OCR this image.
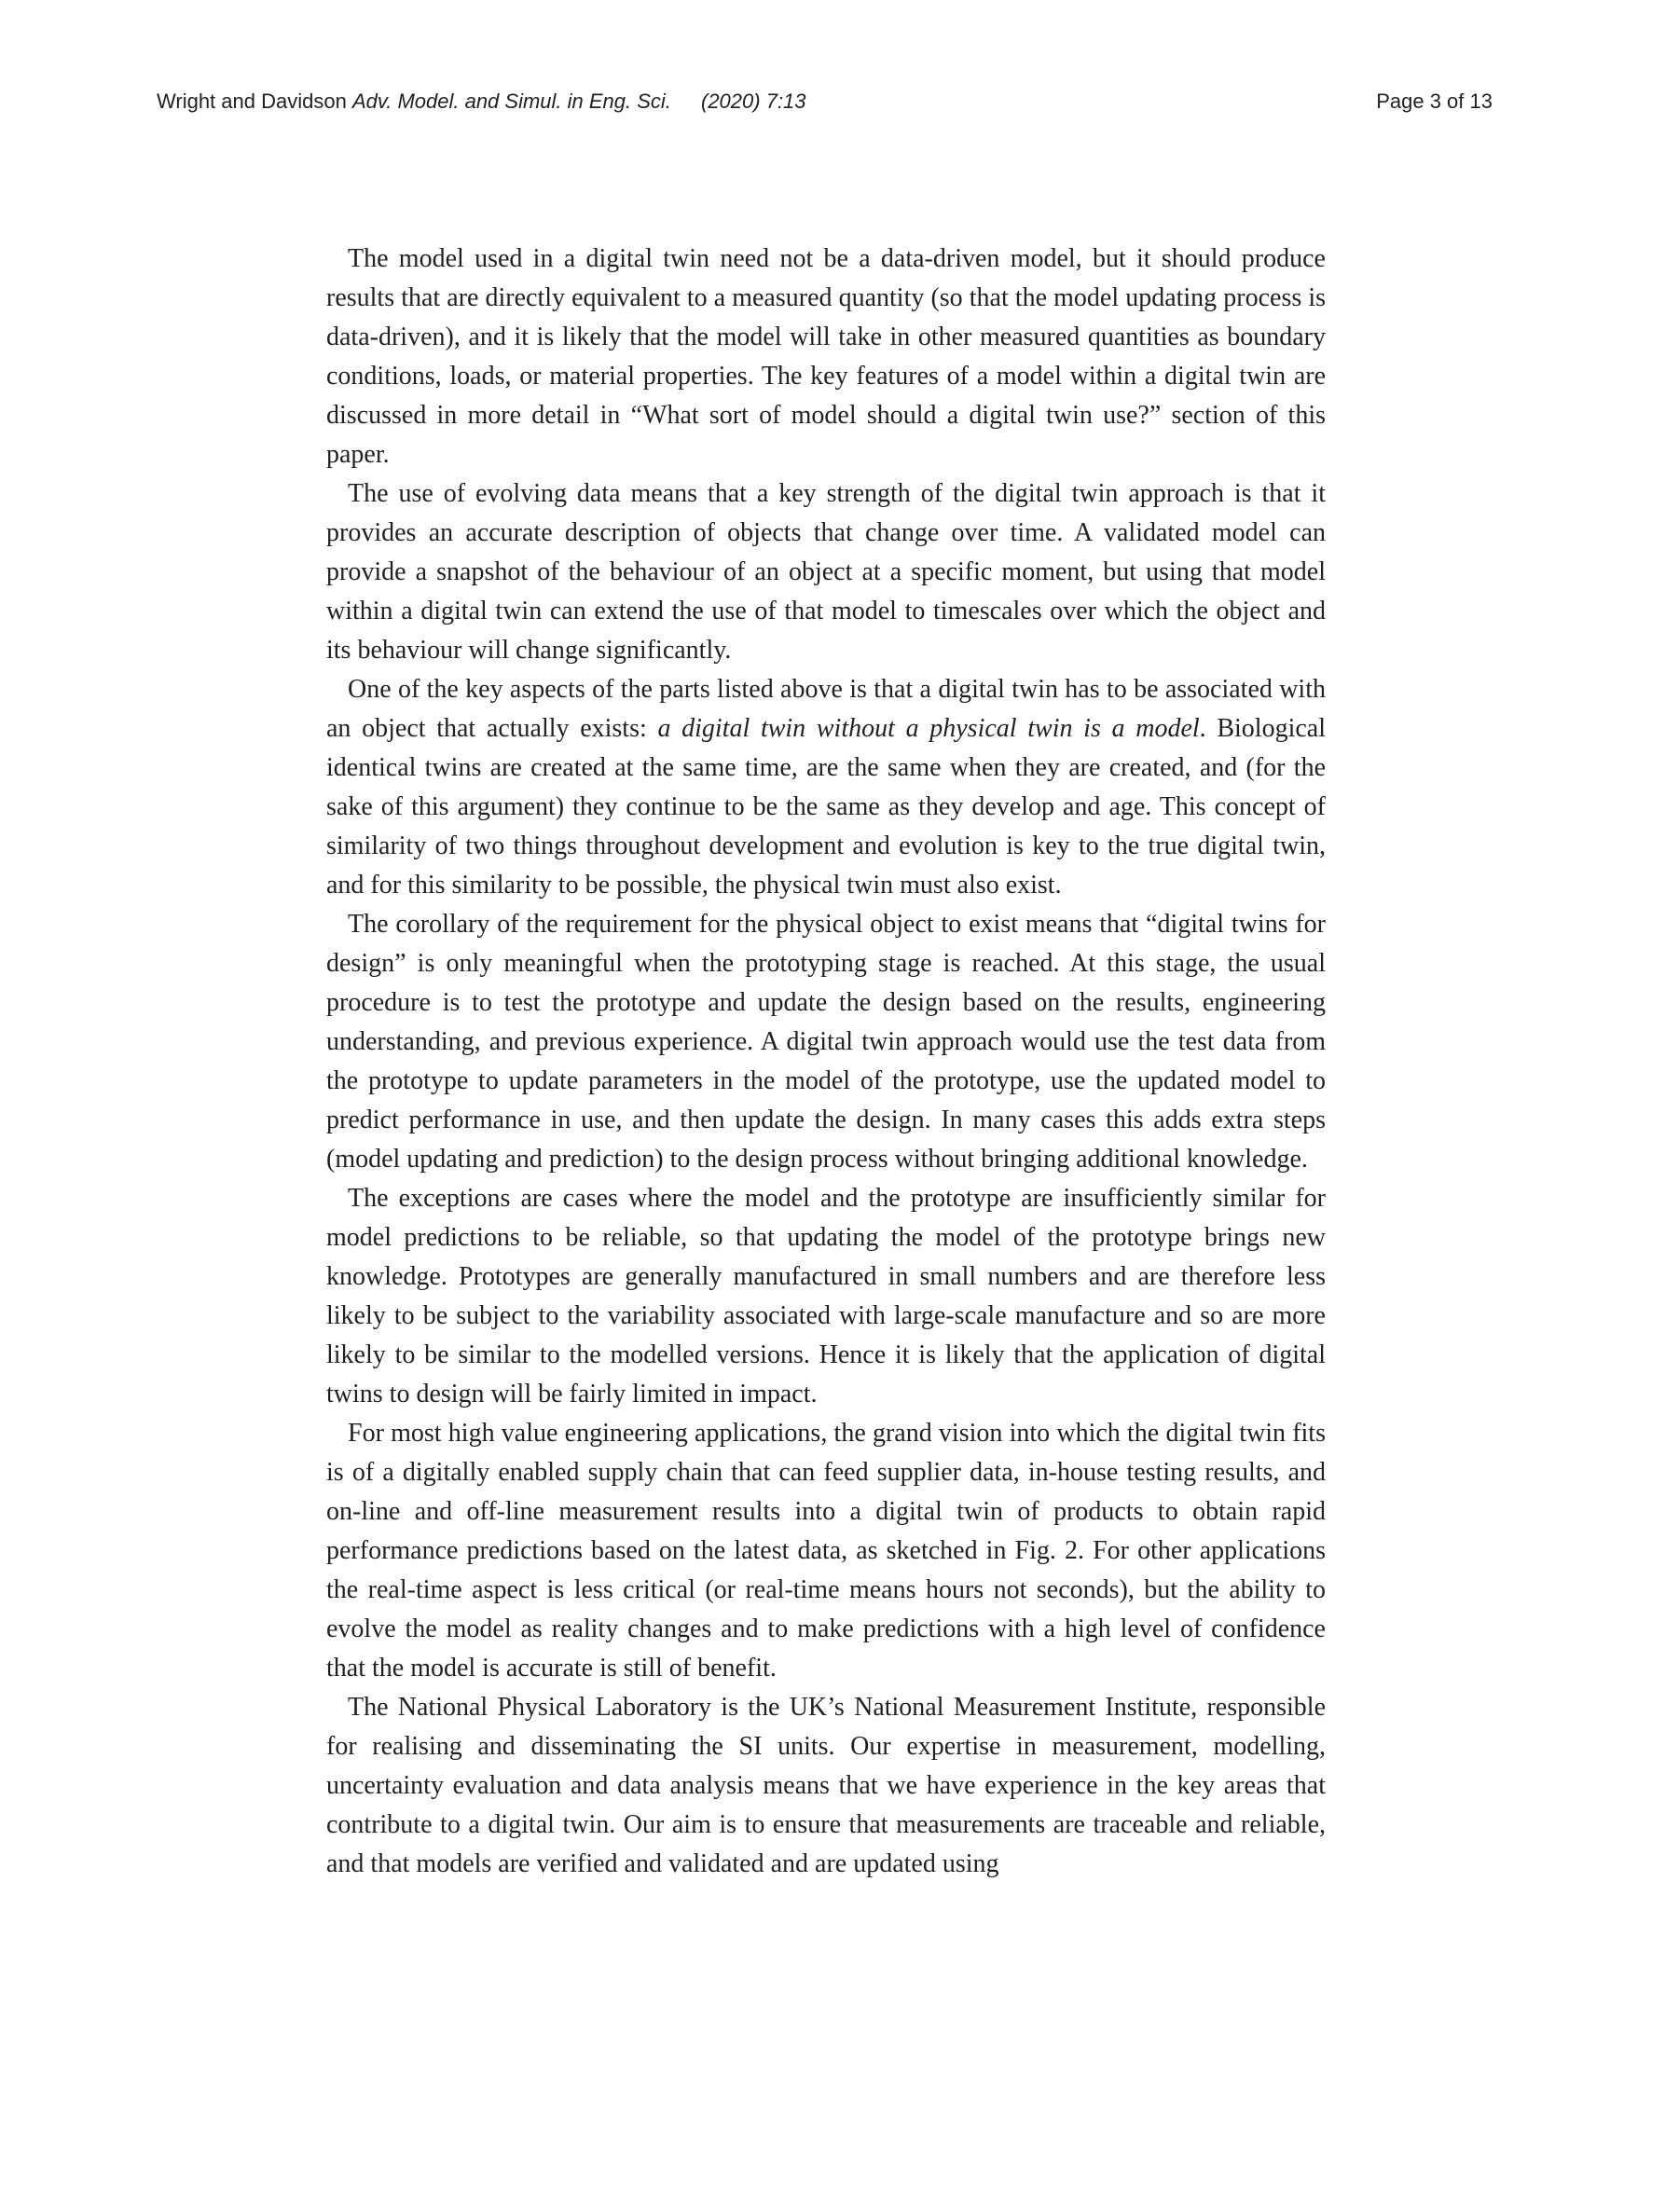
Wright and Davidson Adv. Model. and Simul. in Eng. Sci. (2020) 7:13	Page 3 of 13

The model used in a digital twin need not be a data-driven model, but it should produce results that are directly equivalent to a measured quantity (so that the model updating process is data-driven), and it is likely that the model will take in other measured quantities as boundary conditions, loads, or material properties. The key features of a model within a digital twin are discussed in more detail in “What sort of model should a digital twin use?” section of this paper.

The use of evolving data means that a key strength of the digital twin approach is that it provides an accurate description of objects that change over time. A validated model can provide a snapshot of the behaviour of an object at a specific moment, but using that model within a digital twin can extend the use of that model to timescales over which the object and its behaviour will change significantly.

One of the key aspects of the parts listed above is that a digital twin has to be associated with an object that actually exists: a digital twin without a physical twin is a model. Biological identical twins are created at the same time, are the same when they are created, and (for the sake of this argument) they continue to be the same as they develop and age. This concept of similarity of two things throughout development and evolution is key to the true digital twin, and for this similarity to be possible, the physical twin must also exist.

The corollary of the requirement for the physical object to exist means that “digital twins for design” is only meaningful when the prototyping stage is reached. At this stage, the usual procedure is to test the prototype and update the design based on the results, engineering understanding, and previous experience. A digital twin approach would use the test data from the prototype to update parameters in the model of the prototype, use the updated model to predict performance in use, and then update the design. In many cases this adds extra steps (model updating and prediction) to the design process without bringing additional knowledge.

The exceptions are cases where the model and the prototype are insufficiently similar for model predictions to be reliable, so that updating the model of the prototype brings new knowledge. Prototypes are generally manufactured in small numbers and are therefore less likely to be subject to the variability associated with large-scale manufacture and so are more likely to be similar to the modelled versions. Hence it is likely that the application of digital twins to design will be fairly limited in impact.

For most high value engineering applications, the grand vision into which the digital twin fits is of a digitally enabled supply chain that can feed supplier data, in-house testing results, and on-line and off-line measurement results into a digital twin of products to obtain rapid performance predictions based on the latest data, as sketched in Fig. 2. For other applications the real-time aspect is less critical (or real-time means hours not seconds), but the ability to evolve the model as reality changes and to make predictions with a high level of confidence that the model is accurate is still of benefit.

The National Physical Laboratory is the UK’s National Measurement Institute, responsible for realising and disseminating the SI units. Our expertise in measurement, modelling, uncertainty evaluation and data analysis means that we have experience in the key areas that contribute to a digital twin. Our aim is to ensure that measurements are traceable and reliable, and that models are verified and validated and are updated using
